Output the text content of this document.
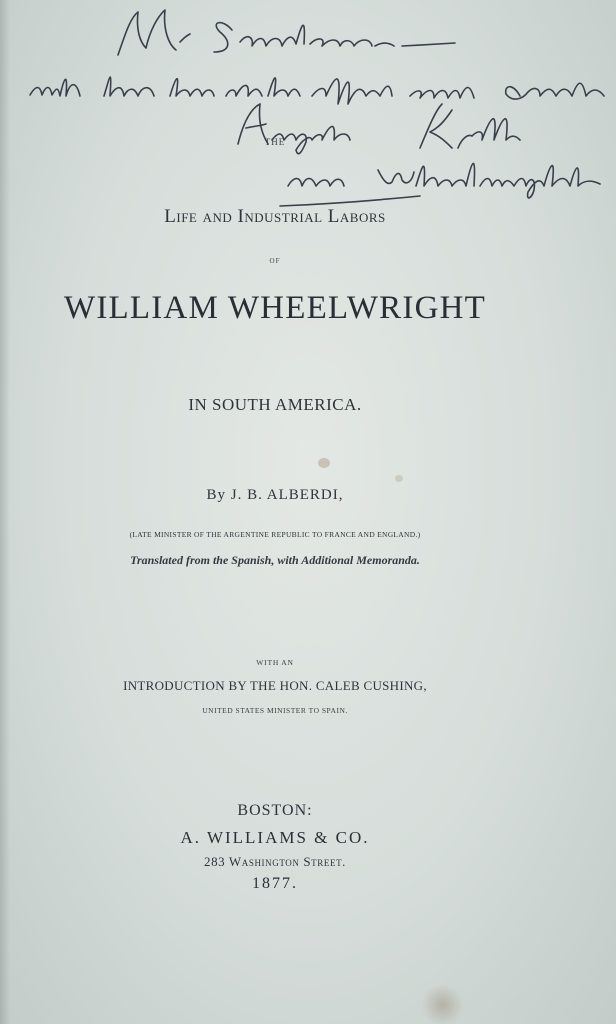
THE
Life and Industrial Labors
OF
WILLIAM WHEELWRIGHT
IN SOUTH AMERICA.
By J. B. ALBERDI,
(LATE MINISTER OF THE ARGENTINE REPUBLIC TO FRANCE AND ENGLAND.)
Translated from the Spanish, with Additional Memoranda.
WITH AN
INTRODUCTION BY THE HON. CALEB CUSHING,
UNITED STATES MINISTER TO SPAIN.
BOSTON:
A. WILLIAMS & CO.
283 Washington Street.
1877.
